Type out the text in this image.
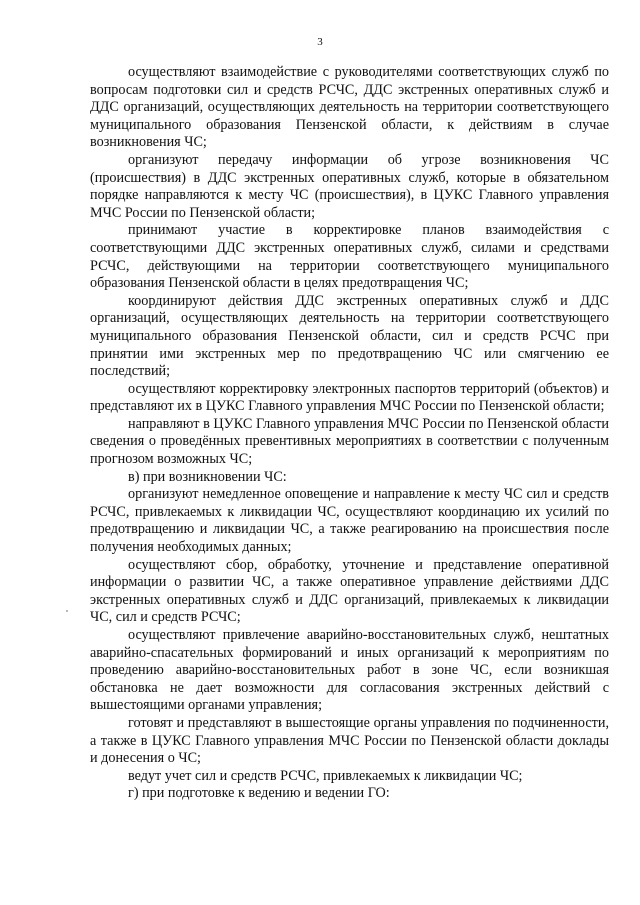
3

осуществляют взаимодействие с руководителями соответствующих служб по вопросам подготовки сил и средств РСЧС, ДДС экстренных оперативных служб и ДДС организаций, осуществляющих деятельность на территории соответствующего муниципального образования Пензенской области, к действиям в случае возникновения ЧС;

организуют передачу информации об угрозе возникновения ЧС (происшествия) в ДДС экстренных оперативных служб, которые в обязательном порядке направляются к месту ЧС (происшествия), в ЦУКС Главного управления МЧС России по Пензенской области;

принимают участие в корректировке планов взаимодействия с соответствующими ДДС экстренных оперативных служб, силами и средствами РСЧС, действующими на территории соответствующего муниципального образования Пензенской области в целях предотвращения ЧС;

координируют действия ДДС экстренных оперативных служб и ДДС организаций, осуществляющих деятельность на территории соответствующего муниципального образования Пензенской области, сил и средств РСЧС при принятии ими экстренных мер по предотвращению ЧС или смягчению ее последствий;

осуществляют корректировку электронных паспортов территорий (объектов) и представляют их в ЦУКС Главного управления МЧС России по Пензенской области;

направляют в ЦУКС Главного управления МЧС России по Пензенской области сведения о проведённых превентивных мероприятиях в соответствии с полученным прогнозом возможных ЧС;

в) при возникновении ЧС:

организуют немедленное оповещение и направление к месту ЧС сил и средств РСЧС, привлекаемых к ликвидации ЧС, осуществляют координацию их усилий по предотвращению и ликвидации ЧС, а также реагированию на происшествия после получения необходимых данных;

осуществляют сбор, обработку, уточнение и представление оперативной информации о развитии ЧС, а также оперативное управление действиями ДДС экстренных оперативных служб и ДДС организаций, привлекаемых к ликвидации ЧС, сил и средств РСЧС;

осуществляют привлечение аварийно-восстановительных служб, нештатных аварийно-спасательных формирований и иных организаций к мероприятиям по проведению аварийно-восстановительных работ в зоне ЧС, если возникшая обстановка не дает возможности для согласования экстренных действий с вышестоящими органами управления;

готовят и представляют в вышестоящие органы управления по подчиненности, а также в ЦУКС Главного управления МЧС России по Пензенской области доклады и донесения о ЧС;

ведут учет сил и средств РСЧС, привлекаемых к ликвидации ЧС;

г) при подготовке к ведению и ведении ГО:
